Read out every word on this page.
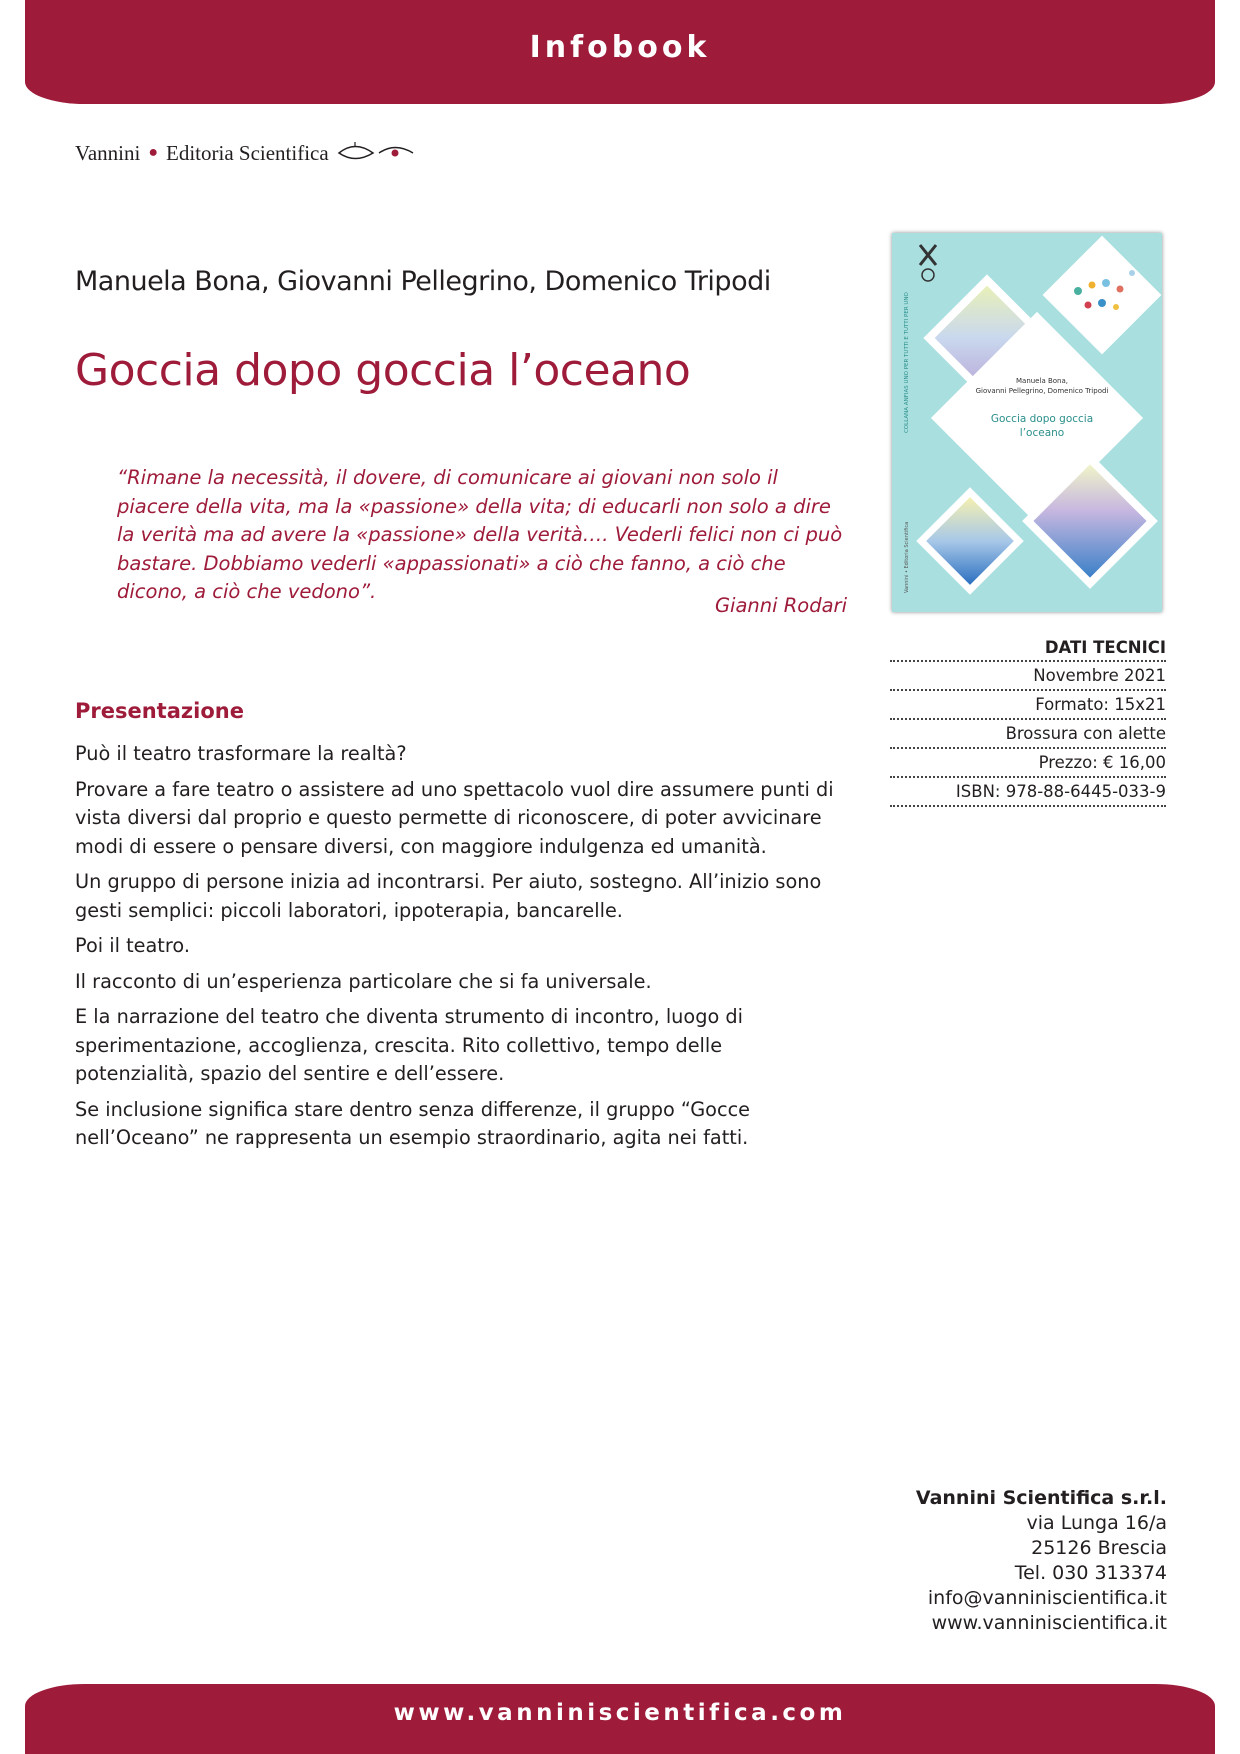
Infobook
Vannini ● Editoria Scientifica
Manuela Bona, Giovanni Pellegrino, Domenico Tripodi
Goccia dopo goccia l’oceano

“Rimane la necessità, il dovere, di comunicare ai giovani non solo il piacere della vita, ma la «passione» della vita; di educarli non solo a dire la verità ma ad avere la «passione» della verità…. Vederli felici non ci può bastare. Dobbiamo vederli «appassionati» a ciò che fanno, a ciò che dicono, a ciò che vedono”.

Gianni Rodari
Manuela Bona,
Giovanni Pellegrino, Domenico Tripodi
Goccia dopo goccia
l’oceano
COLLANA ANFIAS UNO PER TUTTI E TUTTI PER UNO
Vannini • Editoria Scientifica
DATI TECNICI
Novembre 2021
Formato: 15x21
Brossura con alette
Prezzo: € 16,00
ISBN: 978-88-6445-033-9
Presentazione

Può il teatro trasformare la realtà?

Provare a fare teatro o assistere ad uno spettacolo vuol dire assumere punti di vista diversi dal proprio e questo permette di riconoscere, di poter avvicinare modi di essere o pensare diversi, con maggiore indulgenza ed umanità.

Un gruppo di persone inizia ad incontrarsi. Per aiuto, sostegno. All’inizio sono gesti semplici: piccoli laboratori, ippoterapia, bancarelle.

Poi il teatro.

Il racconto di un’esperienza particolare che si fa universale.

E la narrazione del teatro che diventa strumento di incontro, luogo di sperimentazione, accoglienza, crescita. Rito collettivo, tempo delle potenzialità, spazio del sentire e dell’essere.

Se inclusione significa stare dentro senza differenze, il gruppo “Gocce nell’Oceano” ne rappresenta un esempio straordinario, agita nei fatti.

Vannini Scientifica s.r.l.
via Lunga 16/a
25126 Brescia
Tel. 030 313374
info@vanniniscientifica.it
www.vanniniscientifica.it
www.vanniniscientifica.com
